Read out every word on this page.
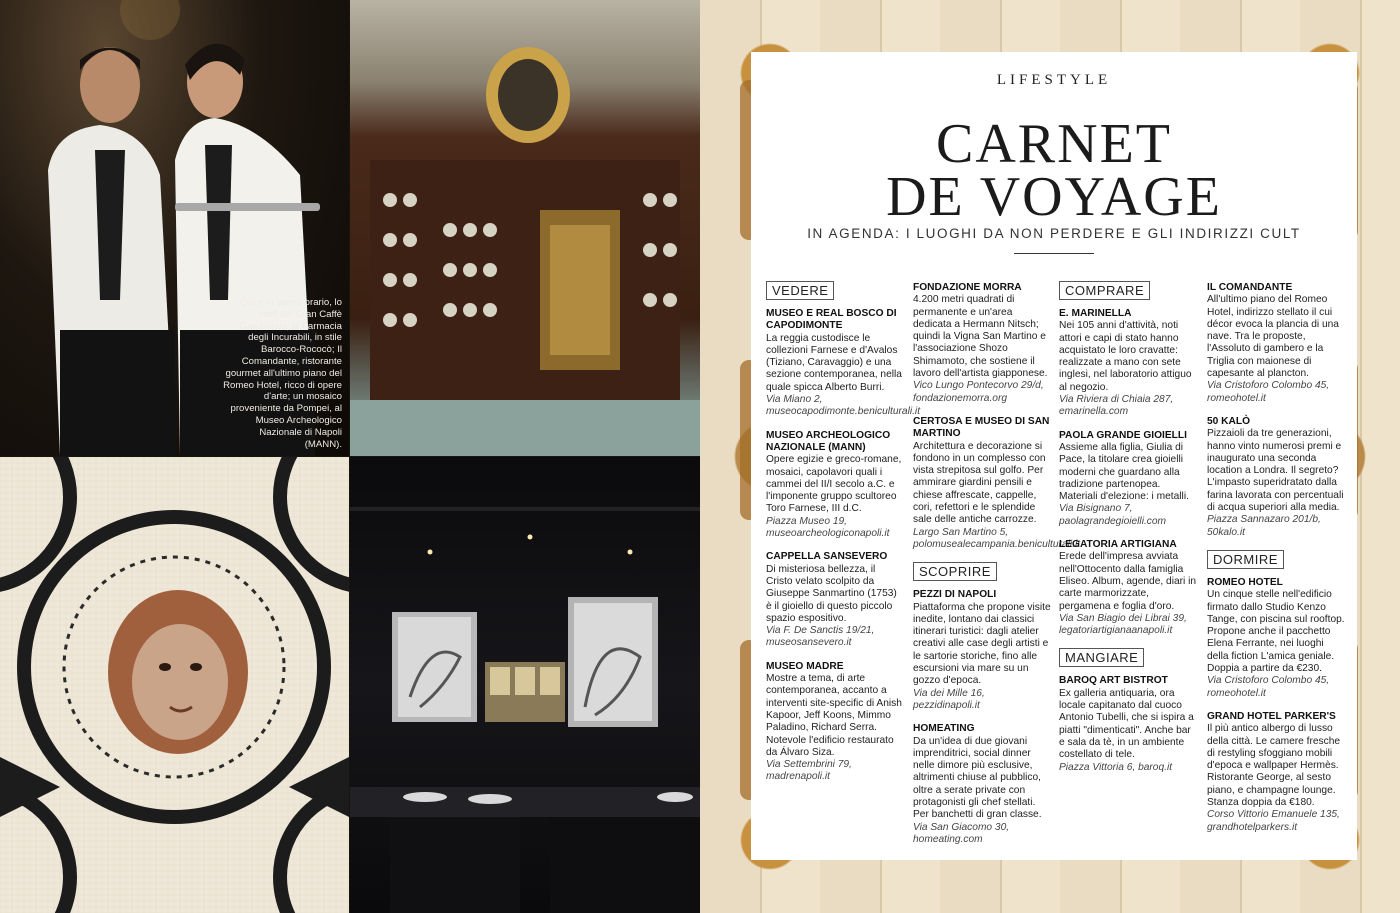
Qui e in senso orario, lo staff del Gran Caffè Gambrinus; la Farmacia degli Incurabili, in stile Barocco-Rococò; Il Comandante, ristorante gourmet all'ultimo piano del Romeo Hotel, ricco di opere d'arte; un mosaico proveniente da Pompei, al Museo Archeologico Nazionale di Napoli (MANN).
LIFESTYLE
CARNET
DE VOYAGE
IN AGENDA: I LUOGHI DA NON PERDERE E GLI INDIRIZZI CULT
VEDERE
MUSEO E REAL BOSCO DI CAPODIMONTE
La reggia custodisce le collezioni Farnese e d'Avalos (Tiziano, Caravaggio) e una sezione contemporanea, nella quale spicca Alberto Burri.
Via Miano 2, museocapodimonte.beniculturali.it
MUSEO ARCHEOLOGICO NAZIONALE (MANN)
Opere egizie e greco-romane, mosaici, capolavori quali i cammei del II/I secolo a.C. e l'imponente gruppo scultoreo Toro Farnese, III d.C.
Piazza Museo 19, museoarcheologiconapoli.it
CAPPELLA SANSEVERO
Di misteriosa bellezza, il Cristo velato scolpito da Giuseppe Sanmartino (1753) è il gioiello di questo piccolo spazio espositivo.
Via F. De Sanctis 19/21, museosansevero.it
MUSEO MADRE
Mostre a tema, di arte contemporanea, accanto a interventi site-specific di Anish Kapoor, Jeff Koons, Mimmo Paladino, Richard Serra. Notevole l'edificio restaurato da Álvaro Siza.
Via Settembrini 79, madrenapoli.it
FONDAZIONE MORRA
4.200 metri quadrati di permanente e un'area dedicata a Hermann Nitsch; quindi la Vigna San Martino e l'associazione Shozo Shimamoto, che sostiene il lavoro dell'artista giapponese.
Vico Lungo Pontecorvo 29/d, fondazionemorra.org
CERTOSA E MUSEO DI SAN MARTINO
Architettura e decorazione si fondono in un complesso con vista strepitosa sul golfo. Per ammirare giardini pensili e chiese affrescate, cappelle, cori, refettori e le splendide sale delle antiche carrozze.
Largo San Martino 5, polomusealecampania.beniculturali.it
SCOPRIRE
PEZZI DI NAPOLI
Piattaforma che propone visite inedite, lontano dai classici itinerari turistici: dagli atelier creativi alle case degli artisti e le sartorie storiche, fino alle escursioni via mare su un gozzo d'epoca.
Via dei Mille 16, pezzidinapoli.it
HOMEATING
Da un'idea di due giovani imprenditrici, social dinner nelle dimore più esclusive, altrimenti chiuse al pubblico, oltre a serate private con protagonisti gli chef stellati. Per banchetti di gran classe.
Via San Giacomo 30, homeating.com
COMPRARE
E. MARINELLA
Nei 105 anni d'attività, noti attori e capi di stato hanno acquistato le loro cravatte: realizzate a mano con sete inglesi, nel laboratorio attiguo al negozio.
Via Riviera di Chiaia 287, emarinella.com
PAOLA GRANDE GIOIELLI
Assieme alla figlia, Giulia di Pace, la titolare crea gioielli moderni che guardano alla tradizione partenopea. Materiali d'elezione: i metalli.
Via Bisignano 7, paolagrandegioielli.com
LEGATORIA ARTIGIANA
Erede dell'impresa avviata nell'Ottocento dalla famiglia Eliseo. Album, agende, diari in carte marmorizzate, pergamena e foglia d'oro.
Via San Biagio dei Librai 39, legatoriartigianaanapoli.it
MANGIARE
BAROQ ART BISTROT
Ex galleria antiquaria, ora locale capitanato dal cuoco Antonio Tubelli, che si ispira a piatti "dimenticati". Anche bar e sala da tè, in un ambiente costellato di tele.
Piazza Vittoria 6, baroq.it
IL COMANDANTE
All'ultimo piano del Romeo Hotel, indirizzo stellato il cui décor evoca la plancia di una nave. Tra le proposte, l'Assoluto di gambero e la Triglia con maionese di capesante al plancton.
Via Cristoforo Colombo 45, romeohotel.it
50 KALÒ
Pizzaioli da tre generazioni, hanno vinto numerosi premi e inaugurato una seconda location a Londra. Il segreto? L'impasto superidratato dalla farina lavorata con percentuali di acqua superiori alla media.
Piazza Sannazaro 201/b, 50kalo.it
DORMIRE
ROMEO HOTEL
Un cinque stelle nell'edificio firmato dallo Studio Kenzo Tange, con piscina sul rooftop. Propone anche il pacchetto Elena Ferrante, nei luoghi della fiction L'amica geniale. Doppia a partire da €230.
Via Cristoforo Colombo 45, romeohotel.it
GRAND HOTEL PARKER'S
Il più antico albergo di lusso della città. Le camere fresche di restyling sfoggiano mobili d'epoca e wallpaper Hermès. Ristorante George, al sesto piano, e champagne lounge. Stanza doppia da €180.
Corso Vittorio Emanuele 135, grandhotelparkers.it
